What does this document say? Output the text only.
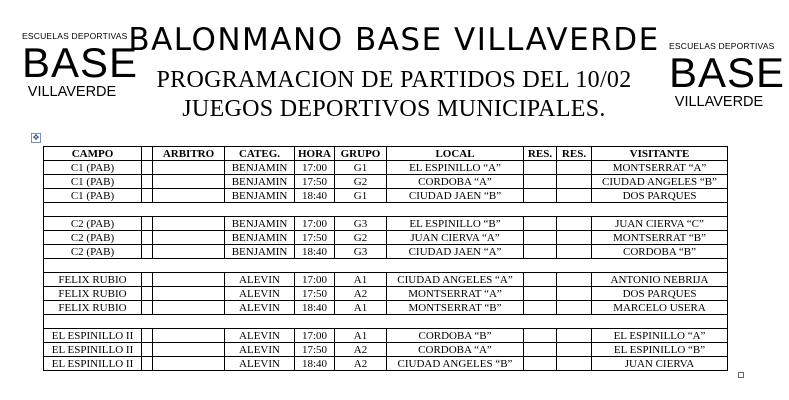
ESCUELAS DEPORTIVAS
BASE
VILLAVERDE
BALONMANO BASE VILLAVERDE
PROGRAMACION DE PARTIDOS DEL 10/02
JUEGOS DEPORTIVOS MUNICIPALES.
ESCUELAS DEPORTIVAS
BASE
VILLAVERDE
✥
CAMPO		ARBITRO	CATEG.	HORA	GRUPO	LOCAL	RES.	RES.	VISITANTE
C1 (PAB)			BENJAMIN	17:00	G1	EL ESPINILLO “A”			MONTSERRAT “A”
C1 (PAB)			BENJAMIN	17:50	G2	CORDOBA “A”			CIUDAD ANGELES “B”
C1 (PAB)			BENJAMIN	18:40	G1	CIUDAD JAEN “B”			DOS PARQUES

C2 (PAB)			BENJAMIN	17:00	G3	EL ESPINILLO “B”			JUAN CIERVA “C”
C2 (PAB)			BENJAMIN	17:50	G2	JUAN CIERVA “A”			MONTSERRAT “B”
C2 (PAB)			BENJAMIN	18:40	G3	CIUDAD JAEN “A”			CORDOBA “B”

FELIX RUBIO			ALEVIN	17:00	A1	CIUDAD ANGELES “A”			ANTONIO NEBRIJA
FELIX RUBIO			ALEVIN	17:50	A2	MONTSERRAT “A”			DOS PARQUES
FELIX RUBIO			ALEVIN	18:40	A1	MONTSERRAT “B”			MARCELO USERA

EL ESPINILLO II			ALEVIN	17:00	A1	CORDOBA “B”			EL ESPINILLO “A”
EL ESPINILLO II			ALEVIN	17:50	A2	CORDOBA “A”			EL ESPINILLO “B”
EL ESPINILLO II			ALEVIN	18:40	A2	CIUDAD ANGELES “B”			JUAN CIERVA
